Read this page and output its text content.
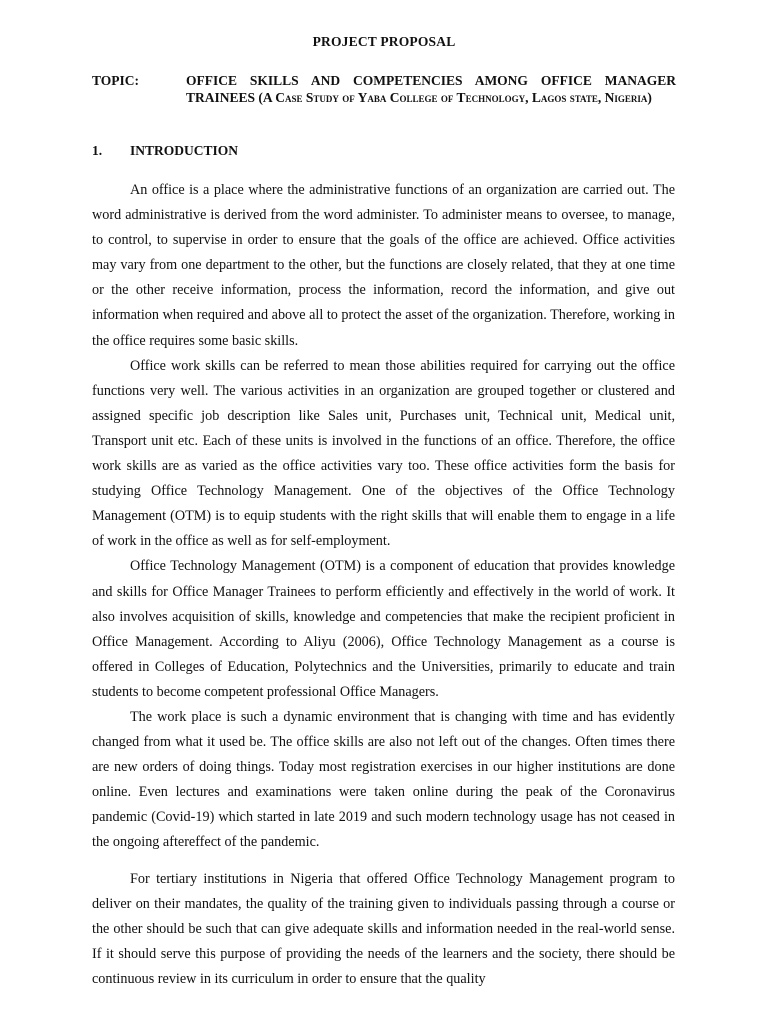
PROJECT PROPOSAL
TOPIC:	OFFICE SKILLS AND COMPETENCIES AMONG OFFICE MANAGER TRAINEES (A Case Study of Yaba College of Technology, Lagos state, Nigeria)
1.	INTRODUCTION

An office is a place where the administrative functions of an organization are carried out. The word administrative is derived from the word administer. To administer means to oversee, to manage, to control, to supervise in order to ensure that the goals of the office are achieved. Office activities may vary from one department to the other, but the functions are closely related, that they at one time or the other receive information, process the information, record the information, and give out information when required and above all to protect the asset of the organization. Therefore, working in the office requires some basic skills.

Office work skills can be referred to mean those abilities required for carrying out the office functions very well. The various activities in an organization are grouped together or clustered and assigned specific job description like Sales unit, Purchases unit, Technical unit, Medical unit, Transport unit etc. Each of these units is involved in the functions of an office. Therefore, the office work skills are as varied as the office activities vary too. These office activities form the basis for studying Office Technology Management. One of the objectives of the Office Technology Management (OTM) is to equip students with the right skills that will enable them to engage in a life of work in the office as well as for self-employment.

Office Technology Management (OTM) is a component of education that provides knowledge and skills for Office Manager Trainees to perform efficiently and effectively in the world of work. It also involves acquisition of skills, knowledge and competencies that make the recipient proficient in Office Management. According to Aliyu (2006), Office Technology Management as a course is offered in Colleges of Education, Polytechnics and the Universities, primarily to educate and train students to become competent professional Office Managers.

The work place is such a dynamic environment that is changing with time and has evidently changed from what it used be. The office skills are also not left out of the changes. Often times there are new orders of doing things. Today most registration exercises in our higher institutions are done online. Even lectures and examinations were taken online during the peak of the Coronavirus pandemic (Covid-19) which started in late 2019 and such modern technology usage has not ceased in the ongoing aftereffect of the pandemic.

For tertiary institutions in Nigeria that offered Office Technology Management program to deliver on their mandates, the quality of the training given to individuals passing through a course or the other should be such that can give adequate skills and information needed in the real-world sense. If it should serve this purpose of providing the needs of the learners and the society, there should be continuous review in its curriculum in order to ensure that the quality
